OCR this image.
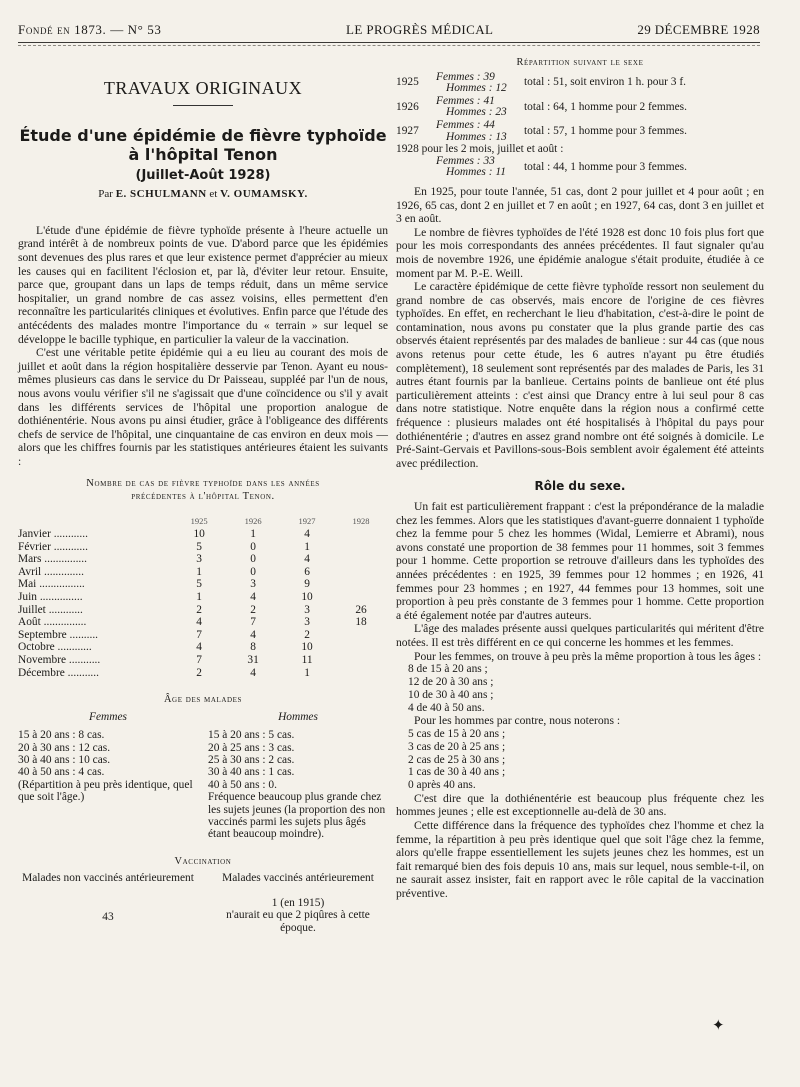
Fondé en 1873. — N° 53	LE PROGRÈS MÉDICAL	29 DÉCEMBRE 1928
TRAVAUX ORIGINAUX
Étude d'une épidémie de fièvre typhoïde
à l'hôpital Tenon
(Juillet-Août 1928)
Par E. SCHULMANN et V. OUMAMSKY.

L'étude d'une épidémie de fièvre typhoïde présente à l'heure actuelle un grand intérêt à de nombreux points de vue. D'abord parce que les épidémies sont devenues des plus rares et que leur existence permet d'apprécier au mieux les causes qui en facilitent l'éclosion et, par là, d'éviter leur retour. Ensuite, parce que, groupant dans un laps de temps réduit, dans un même service hospitalier, un grand nombre de cas assez voisins, elles permettent d'en reconnaître les particularités cliniques et évolutives. Enfin parce que l'étude des antécédents des malades montre l'importance du « terrain » sur lequel se développe le bacille typhique, en particulier la valeur de la vaccination.

C'est une véritable petite épidémie qui a eu lieu au courant des mois de juillet et août dans la région hospitalière desservie par Tenon. Ayant eu nous-mêmes plusieurs cas dans le service du Dr Paisseau, suppléé par l'un de nous, nous avons voulu vérifier s'il ne s'agissait que d'une coïncidence ou s'il y avait dans les différents services de l'hôpital une proportion analogue de dothiénentérie. Nous avons pu ainsi étudier, grâce à l'obligeance des différents chefs de service de l'hôpital, une cinquantaine de cas environ en deux mois — alors que les chiffres fournis par les statistiques antérieures étaient les suivants :

Nombre de cas de fièvre typhoïde dans les années
précédentes à l'hôpital Tenon.
1925	1926	1927	1928
Janvier ............	10	1	4
Février ............	5	0	1
Mars ...............	3	0	4
Avril ..............	1	0	6
Mai ................	5	3	9
Juin ...............	1	4	10
Juillet ............	2	2	3	26
Août ...............	4	7	3	18
Septembre ..........	7	4	2
Octobre ............	4	8	10
Novembre ...........	7	31	11
Décembre ...........	2	4	1
Âge des malades
Femmes
15 à 20 ans : 8 cas.
20 à 30 ans : 12 cas.
30 à 40 ans : 10 cas.
40 à 50 ans : 4 cas.
(Répartition à peu près identique, quel que soit l'âge.)
Hommes
15 à 20 ans : 5 cas.
20 à 25 ans : 3 cas.
25 à 30 ans : 2 cas.
30 à 40 ans : 1 cas.
40 à 50 ans : 0.
Fréquence beaucoup plus grande chez les sujets jeunes (la proportion des non vaccinés parmi les sujets plus âgés étant beaucoup moindre).
Vaccination
Malades non vaccinés antérieurement
43
Malades vaccinés antérieurement
1 (en 1915)
n'aurait eu que 2 piqûres à cette époque.
Répartition suivant le sexe
1925	Femmes : 39
Hommes : 12	total : 51, soit environ 1 h. pour 3 f.
1926	Femmes : 41
Hommes : 23	total : 64, 1 homme pour 2 femmes.
1927	Femmes : 44
Hommes : 13	total : 57, 1 homme pour 3 femmes.
1928 pour les 2 mois, juillet et août :
Femmes : 33
Hommes : 11	total : 44, 1 homme pour 3 femmes.

En 1925, pour toute l'année, 51 cas, dont 2 pour juillet et 4 pour août ; en 1926, 65 cas, dont 2 en juillet et 7 en août ; en 1927, 64 cas, dont 3 en juillet et 3 en août.

Le nombre de fièvres typhoïdes de l'été 1928 est donc 10 fois plus fort que pour les mois correspondants des années précédentes. Il faut signaler qu'au mois de novembre 1926, une épidémie analogue s'était produite, étudiée à ce moment par M. P.-E. Weill.

Le caractère épidémique de cette fièvre typhoïde ressort non seulement du grand nombre de cas observés, mais encore de l'origine de ces fièvres typhoïdes. En effet, en recherchant le lieu d'habitation, c'est-à-dire le point de contamination, nous avons pu constater que la plus grande partie des cas observés étaient représentés par des malades de banlieue : sur 44 cas (que nous avons retenus pour cette étude, les 6 autres n'ayant pu être étudiés complètement), 18 seulement sont représentés par des malades de Paris, les 31 autres étant fournis par la banlieue. Certains points de banlieue ont été plus particulièrement atteints : c'est ainsi que Drancy entre à lui seul pour 8 cas dans notre statistique. Notre enquête dans la région nous a confirmé cette fréquence : plusieurs malades ont été hospitalisés à l'hôpital du pays pour dothiénentérie ; d'autres en assez grand nombre ont été soignés à domicile. Le Pré-Saint-Gervais et Pavillons-sous-Bois semblent avoir également été atteints avec prédilection.

Rôle du sexe.

Un fait est particulièrement frappant : c'est la prépondérance de la maladie chez les femmes. Alors que les statistiques d'avant-guerre donnaient 1 typhoïde chez la femme pour 5 chez les hommes (Widal, Lemierre et Abrami), nous avons constaté une proportion de 38 femmes pour 11 hommes, soit 3 femmes pour 1 homme. Cette proportion se retrouve d'ailleurs dans les typhoïdes des années précédentes : en 1925, 39 femmes pour 12 hommes ; en 1926, 41 femmes pour 23 hommes ; en 1927, 44 femmes pour 13 hommes, soit une proportion à peu près constante de 3 femmes pour 1 homme. Cette proportion a été également notée par d'autres auteurs.

L'âge des malades présente aussi quelques particularités qui méritent d'être notées. Il est très différent en ce qui concerne les hommes et les femmes.

Pour les femmes, on trouve à peu près la même proportion à tous les âges :

8 de 15 à 20 ans ;
12 de 20 à 30 ans ;
10 de 30 à 40 ans ;
4 de 40 à 50 ans.

Pour les hommes par contre, nous noterons :

5 cas de 15 à 20 ans ;
3 cas de 20 à 25 ans ;
2 cas de 25 à 30 ans ;
1 cas de 30 à 40 ans ;
0 après 40 ans.

C'est dire que la dothiénentérie est beaucoup plus fréquente chez les hommes jeunes ; elle est exceptionnelle au-delà de 30 ans.

Cette différence dans la fréquence des typhoïdes chez l'homme et chez la femme, la répartition à peu près identique quel que soit l'âge chez la femme, alors qu'elle frappe essentiellement les sujets jeunes chez les hommes, est un fait remarqué bien des fois depuis 10 ans, mais sur lequel, nous semble-t-il, on ne saurait assez insister, fait en rapport avec le rôle capital de la vaccination préventive.

✦
